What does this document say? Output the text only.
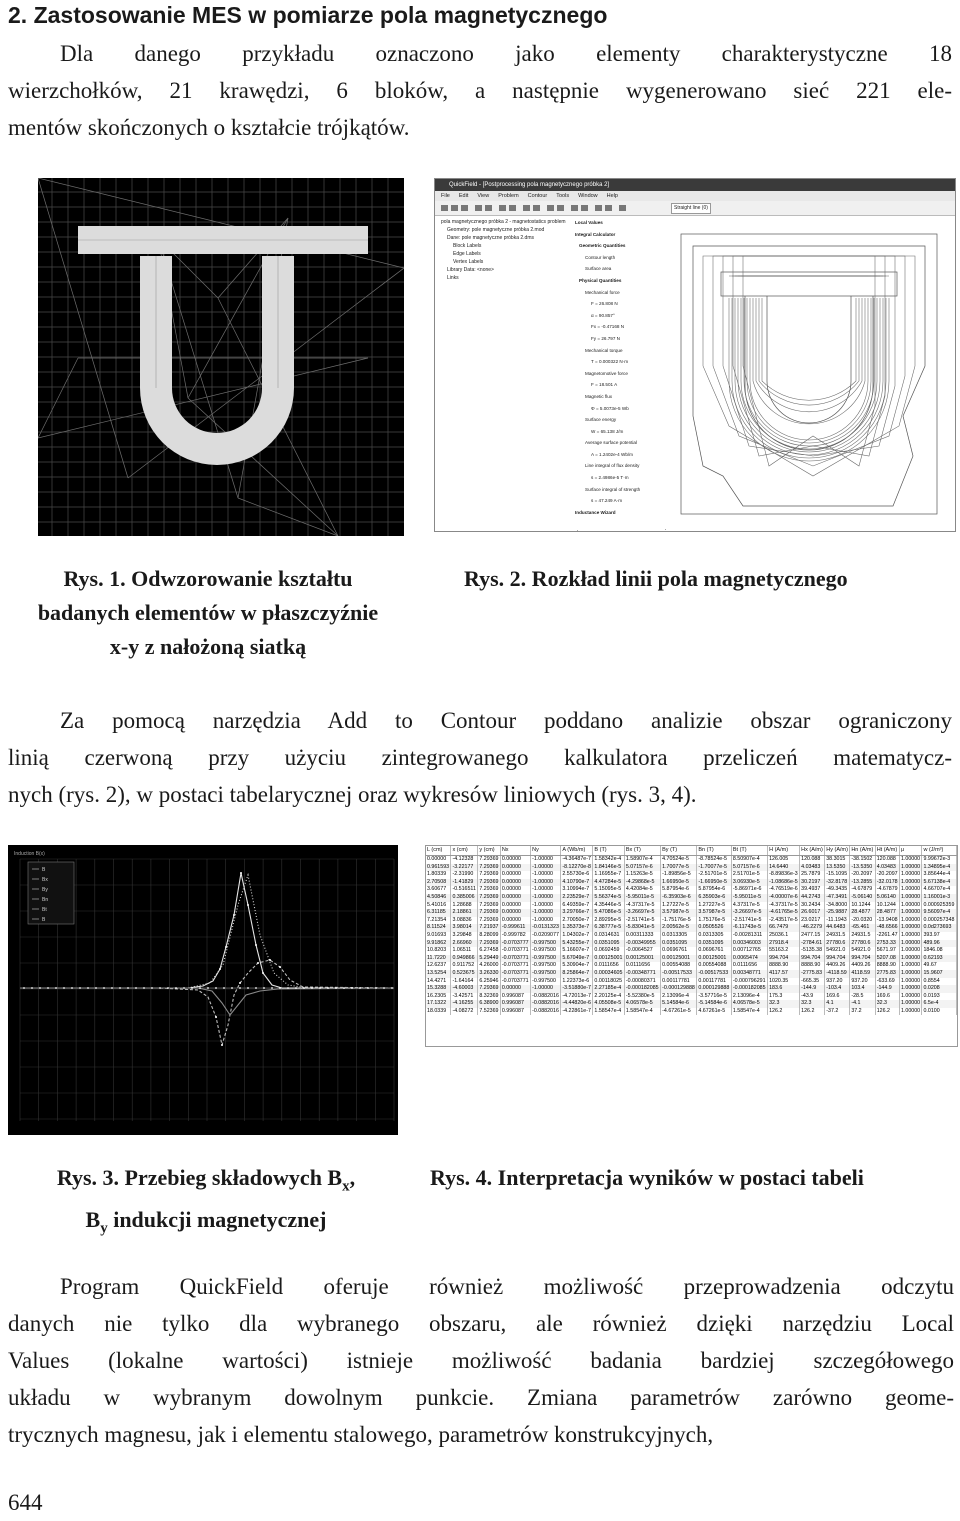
2. Zastosowanie MES w pomiarze pola magnetycznego

Dla danego przykładu oznaczono jako elementy charakterystyczne 18

wierzchołków, 21 krawędzi, 6 bloków, a następnie wygenerowano sieć 221 ele-

mentów skończonych o kształcie trójkątów.

QuickField - [Postprocessing pola magnetycznego próbka 2]
File Edit View Problem Contour Tools Window Help
Straight line (0)
pola magnetycznego próbka 2 - magnetostatics problem
Geometry: pole magnetyczne próbka 2.mod
Dane: pole magnetyczne próbka 2.dms
Block Labels
Edge Labels
Vertex Labels
Library Data: <none>
Links
Local Values
Integral Calculator
Geometric Quantities
Contour length
Surface area
Physical Quantities
Mechanical force
F = 26.808 N
α = 90.857°
Fx = -0.47168 N
Fy = 26.797 N
Mechanical torque
T = 0.000322 N·m
Magnetomotive force
F = 18.501 A
Magnetic flux
Φ = 5.0073e-5 Wb
Surface energy
W = 65.138 J/m
Average surface potential
A = 1.2402e-4 Wb/m
Line integral of flux density
s = 2.4986e-5 T·m
Surface integral of strength
s = 47.249 A·m
Inductance Wizard
Rys. 1. Odwzorowanie kształtu
badanych elementów w płaszczyźnie
x-y z nałożoną siatką
Rys. 2. Rozkład linii pola magnetycznego

Za pomocą narzędzia Add to Contour poddano analizie obszar ograniczony

linią czerwoną przy użyciu zintegrowanego kalkulatora przeliczeń matematycz-

nych (rys. 2), w postaci tabelarycznej oraz wykresów liniowych (rys. 3, 4).

Induction B(x)
B
Bx
By
Bn
Bt
B
L (cm)	x (cm)	y (cm)	Nx	Ny	A (Wb/m)	B (T)	Bx (T)	By (T)	Bn (T)	Bt (T)	H (A/m)	Hx (A/m)	Hy (A/m)	Hn (A/m)	Ht (A/m)	μ	w (J/m³)
0.00000	-4.12328	7.29369	0.00000	-1.00000	-4.36487e-7	1.58342e-4	1.58907e-4	4.70524e-5	-8.78524e-5	8.50907e-4	126.005	120.088	38.3015	-38.1502	120.088	1.00000	9.99672e-3
0.961593	-3.22177	7.29369	0.00000	-1.00000	-8.12270e-8	1.84146e-5	5.07157e-6	1.70077e-5	-1.70077e-5	5.07157e-6	14.6440	4.03483	13.5350	-13.5350	4.03483	1.00000	1.34895e-4
1.80339	-2.31990	7.29369	0.00000	-1.00000	2.55730e-6	1.16955e-7	1.15263e-5	-1.89856e-5	-2.51701e-5	2.51701e-5	-8.89836e-3	25.7879	-15.1095	-20.2097	-20.2097	1.00000	3.85644e-4
2.70508	-1.41829	7.29369	0.00000	-1.00000	4.10790e-7	4.47284e-5	-4.29868e-5	1.66950e-5	-1.66950e-5	3.06930e-5	-1.08686e-5	30.2197	-32.8178	-13.2855	-32.0178	1.00000	5.67138e-4
3.60677	-0.516511	7.29369	0.00000	-1.00000	3.10994e-7	5.15095e-5	4.42084e-5	5.87954e-6	5.87954e-6	-5.86971e-6	-4.76519e-6	39.4937	-49.3435	-4.67879	-4.67879	1.00000	4.66707e-4
4.50846	0.385006	7.29369	0.00000	-1.00000	2.23529e-7	5.56374e-5	-5.95011e-5	-6.35903e-6	6.35903e-6	-5.95011e-5	-4.00007e-6	44.2743	-47.3491	-5.06140	5.06140	1.00000	1.16001e-3
5.41016	1.28688	7.29369	0.00000	-1.00000	6.49359e-7	4.35446e-5	-4.37317e-5	1.27227e-5	1.27227e-5	4.37317e-5	-4.37317e-5	30.2434	-34.8000	10.1244	10.1244	1.00000	0.000925359
6.31185	2.18861	7.29369	0.00000	-1.00000	3.29766e-7	5.47086e-5	-3.26697e-5	3.57987e-5	3.57987e-5	-3.26697e-5	-4.61765e-5	26.6017	-25.9887	28.4877	28.4877	1.00000	9.56097e-4
7.21354	3.08836	7.29369	0.00000	-1.00000	2.70050e-7	2.89295e-5	-2.51741e-5	-1.75176e-5	1.75176e-5	-2.51741e-5	-2.43517e-5	23.0217	-11.1943	-20.0320	-13.9408	1.00000	0.000257348
8.11524	3.98014	7.21937	-0.999611	-0.0131323	1.35373e-7	6.38777e-5	-5.83041e-5	2.00562e-5	0.0505526	-6.11743e-5	66.7479	-46.2279	44.6483	-65.461	-48.6566	1.00000	0.0d273693
9.01693	3.29848	8.28099	-0.999782	-0.0209077	1.04302e-7	0.0314631	0.00311333	0.0313305	0.0313305	-0.00281311	25036.1	2477.15	24931.5	24931.5	-2261.47	1.00000	393.97
9.91862	2.66960	7.29369	-0.0703777	-0.997500	5.43255e-7	0.0351095	-0.00349955	0.0351095	0.0351095	0.00346003	27918.4	-2784.61	27780.6	27780.6	2753.33	1.00000	489.96
10.8203	1.06511	6.27458	-0.0703771	-0.997500	5.16607e-7	0.0692459	-0.0064527	0.0696761	0.0696761	0.00712765	55163.2	-5135.38	54921.0	54921.0	5671.97	1.00000	1846.08
11.7220	0.949866	5.29449	-0.0703771	-0.997500	5.67049e-7	0.00125001	0.00125001	0.00125001	0.00125001	0.0065474	994.704	994.704	994.704	994.704	5207.08	1.00000	0.62193
12.6237	0.911752	4.26000	-0.0703771	-0.997500	5.30904e-7	0.0111656	0.0111656	0.00554088	0.00554088	0.0111656	8888.90	8888.90	4409.26	4409.26	8888.90	1.00000	49.67
13.5254	0.523675	3.26330	-0.0703771	-0.997500	8.25864e-7	0.00034605	-0.00348771	-0.00517533	-0.00517533	0.00348771	4117.57	-2775.83	-4118.59	4118.59	2775.83	1.00000	15.9607
14.4271	-1.64164	6.25946	-0.0703771	-0.997500	1.22373e-6	0.00118025	-0.00080371	0.00117781	0.00117781	-0.000796291	1020.35	-665.35	937.20	937.20	-633.69	1.00000	0.8554
15.3288	-4.60003	7.29369	0.00000	-1.00000	-3.51880e-7	2.27185e-4	-0.000182085	-0.000129888	0.000129888	-0.000182085	183.6	-144.9	-103.4	103.4	-144.9	1.00000	0.0208
16.2305	-3.42571	8.32369	0.996087	-0.0882016	-4.72013e-7	2.20125e-4	-5.52380e-5	2.13096e-4	-3.57716e-5	2.13096e-4	175.3	-43.9	169.6	-28.5	169.6	1.00000	0.0193
17.1322	-4.16255	6.38900	0.996087	-0.0882016	-4.44820e-6	4.05508e-5	4.06578e-5	5.14584e-6	-5.14584e-6	4.06578e-5	32.3	32.3	4.1	-4.1	32.3	1.00000	6.5e-4
18.0339	-4.08272	7.52369	0.996087	-0.0882016	-4.22861e-7	1.58547e-4	1.58547e-4	-4.67261e-5	4.67261e-5	1.58547e-4	126.2	126.2	-37.2	37.2	126.2	1.00000	0.0100
Rys. 3. Przebieg składowych $B_x$,
$B_y$ indukcji magnetycznej
Rys. 4. Interpretacja wyników w postaci tabeli

Program QuickField oferuje również możliwość przeprowadzenia odczytu

danych nie tylko dla wybranego obszaru, ale również dzięki narzędziu Local

Values (lokalne wartości) istnieje możliwość badania bardziej szczegółowego

układu w wybranym dowolnym punkcie. Zmiana parametrów zarówno geome-

trycznych magnesu, jak i elementu stalowego, parametrów konstrukcyjnych,

644
